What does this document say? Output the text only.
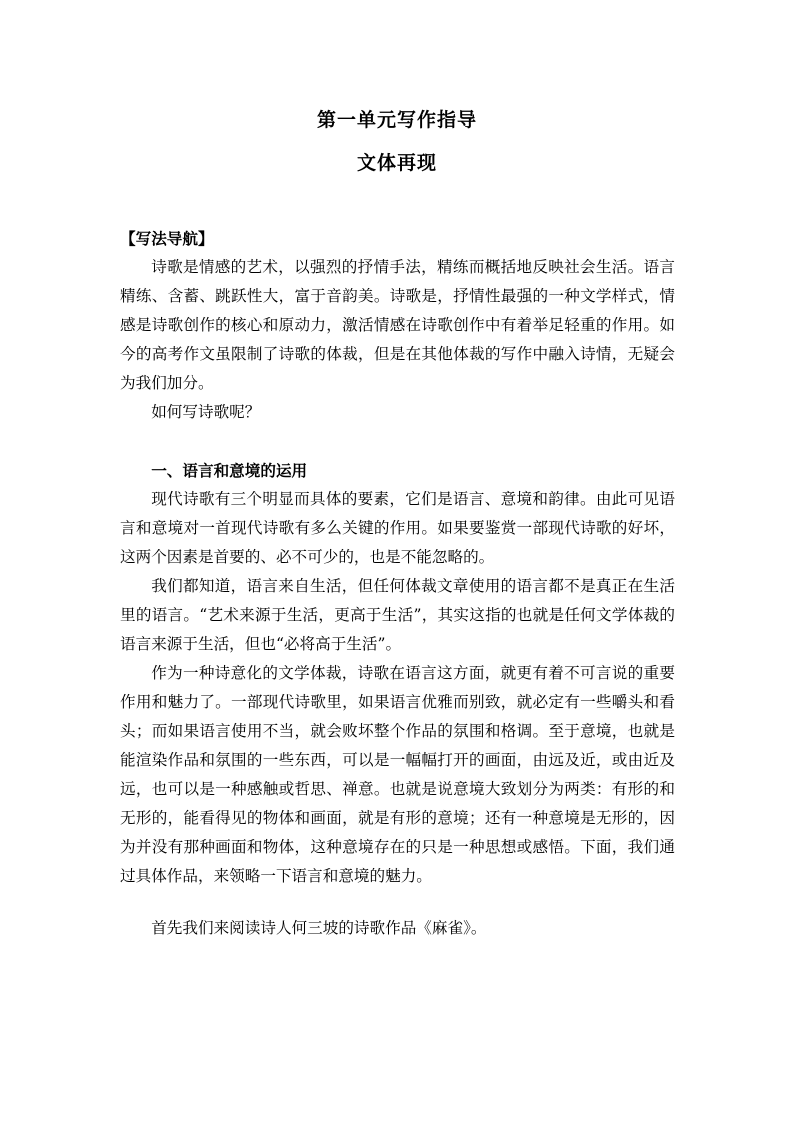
第一单元写作指导
文体再现

【写法导航】

诗歌是情感的艺术，以强烈的抒情手法，精练而概括地反映社会生活。语言精练、含蓄、跳跃性大，富于音韵美。诗歌是，抒情性最强的一种文学样式，情感是诗歌创作的核心和原动力，激活情感在诗歌创作中有着举足轻重的作用。如今的高考作文虽限制了诗歌的体裁，但是在其他体裁的写作中融入诗情，无疑会为我们加分。

如何写诗歌呢？

一、语言和意境的运用

现代诗歌有三个明显而具体的要素，它们是语言、意境和韵律。由此可见语言和意境对一首现代诗歌有多么关键的作用。如果要鉴赏一部现代诗歌的好坏，这两个因素是首要的、必不可少的，也是不能忽略的。

我们都知道，语言来自生活，但任何体裁文章使用的语言都不是真正在生活里的语言。“艺术来源于生活，更高于生活”，其实这指的也就是任何文学体裁的语言来源于生活，但也“必将高于生活”。

作为一种诗意化的文学体裁，诗歌在语言这方面，就更有着不可言说的重要作用和魅力了。一部现代诗歌里，如果语言优雅而别致，就必定有一些嚼头和看头；而如果语言使用不当，就会败坏整个作品的氛围和格调。至于意境，也就是能渲染作品和氛围的一些东西，可以是一幅幅打开的画面，由远及近，或由近及远，也可以是一种感触或哲思、禅意。也就是说意境大致划分为两类：有形的和无形的，能看得见的物体和画面，就是有形的意境；还有一种意境是无形的，因为并没有那种画面和物体，这种意境存在的只是一种思想或感悟。下面，我们通过具体作品，来领略一下语言和意境的魅力。

首先我们来阅读诗人何三坡的诗歌作品《麻雀》。
